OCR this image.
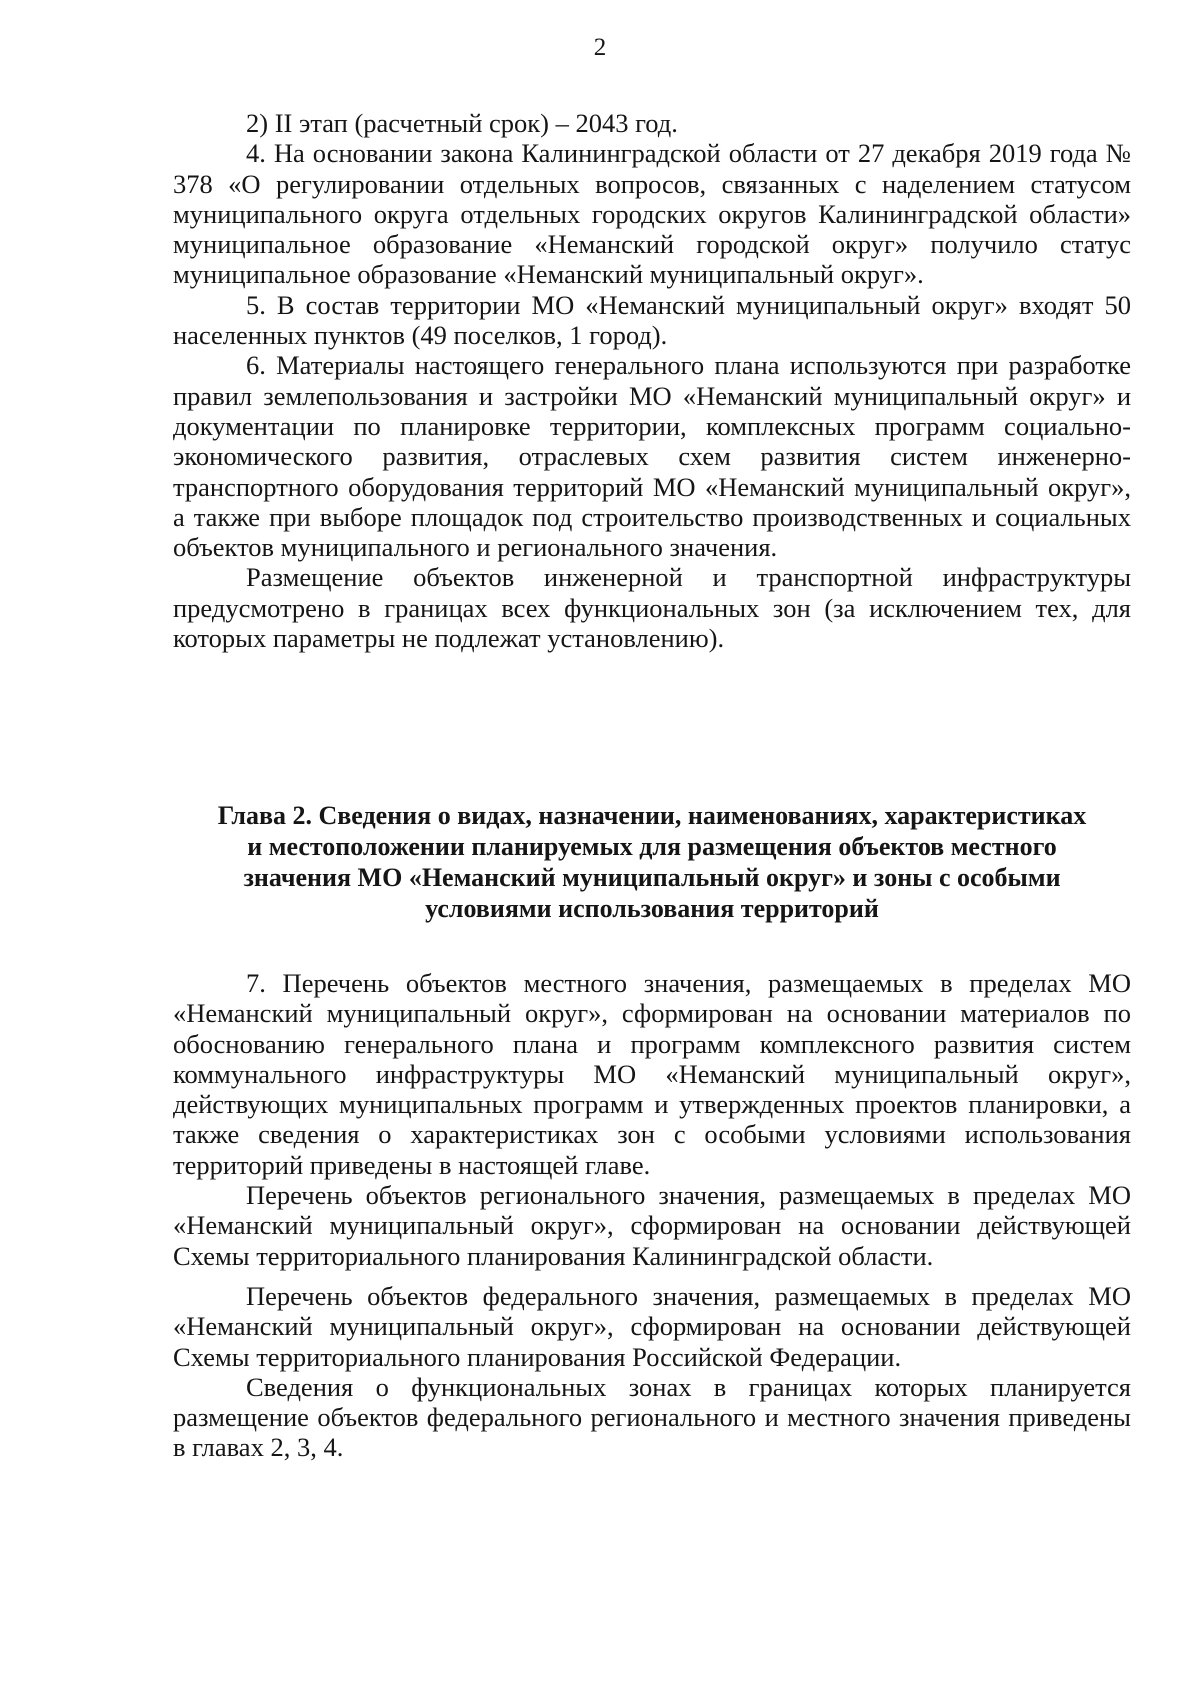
2

2) II этап (расчетный срок) – 2043 год.

4. На основании закона Калининградской области от 27 декабря 2019 года № 378 «О регулировании отдельных вопросов, связанных с наделением статусом муниципального округа отдельных городских округов Калининградской области» муниципальное образование «Неманский городской округ» получило статус муниципальное образование «Неманский муниципальный округ».

5. В состав территории МО «Неманский муниципальный округ» входят 50 населенных пунктов (49 поселков, 1 город).

6. Материалы настоящего генерального плана используются при разработке правил землепользования и застройки МО «Неманский муниципальный округ» и документации по планировке территории, комплексных программ социально-экономического развития, отраслевых схем развития систем инженерно-транспортного оборудования территорий МО «Неманский муниципальный округ», а также при выборе площадок под строительство производственных и социальных объектов муниципального и регионального значения.

Размещение объектов инженерной и транспортной инфраструктуры предусмотрено в границах всех функциональных зон (за исключением тех, для которых параметры не подлежат установлению).

Глава 2. Сведения о видах, назначении, наименованиях, характеристиках

и местоположении планируемых для размещения объектов местного

значения МО «Неманский муниципальный округ» и зоны с особыми

условиями использования территорий

7. Перечень объектов местного значения, размещаемых в пределах МО «Неманский муниципальный округ», сформирован на основании материалов по обоснованию генерального плана и программ комплексного развития систем коммунального инфраструктуры МО «Неманский муниципальный округ», действующих муниципальных программ и утвержденных проектов планировки, а также сведения о характеристиках зон с особыми условиями использования территорий приведены в настоящей главе.

Перечень объектов регионального значения, размещаемых в пределах МО «Неманский муниципальный округ», сформирован на основании действующей Схемы территориального планирования Калининградской области.

Перечень объектов федерального значения, размещаемых в пределах МО «Неманский муниципальный округ», сформирован на основании действующей Схемы территориального планирования Российской Федерации.

Сведения о функциональных зонах в границах которых планируется размещение объектов федерального регионального и местного значения приведены в главах 2, 3, 4.
